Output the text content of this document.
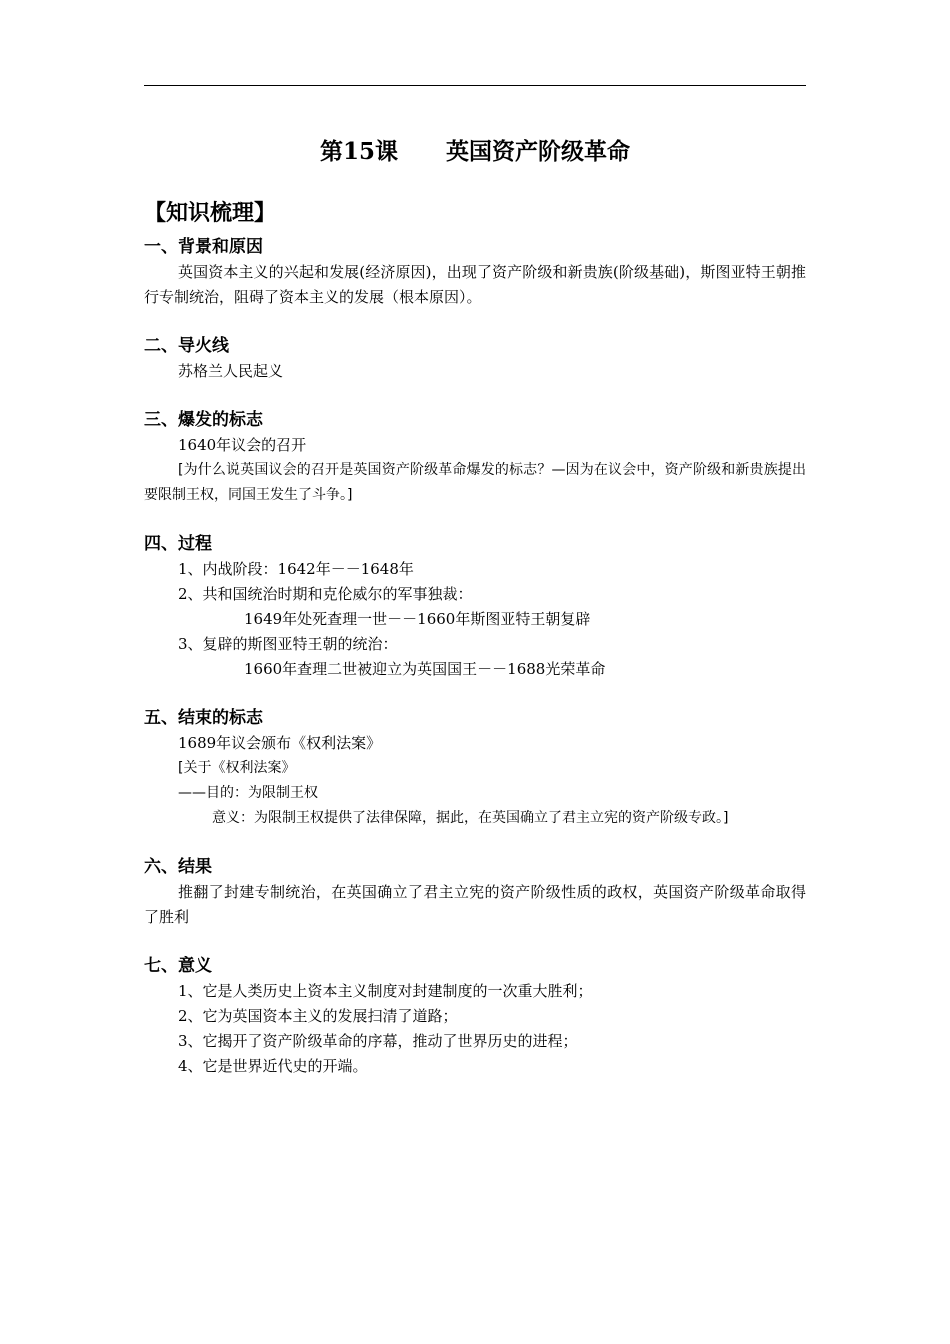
第15课 英国资产阶级革命
【知识梳理】
一、背景和原因
英国资本主义的兴起和发展(经济原因)，出现了资产阶级和新贵族(阶级基础)，斯图亚特王朝推行专制统治，阻碍了资本主义的发展（根本原因）。
二、导火线
苏格兰人民起义
三、爆发的标志
1640年议会的召开
[为什么说英国议会的召开是英国资产阶级革命爆发的标志？—因为在议会中，资产阶级和新贵族提出要限制王权，同国王发生了斗争。]
四、过程
1、内战阶段：1642年－－1648年
2、共和国统治时期和克伦威尔的军事独裁：
1649年处死查理一世－－1660年斯图亚特王朝复辟
3、复辟的斯图亚特王朝的统治：
1660年查理二世被迎立为英国国王－－1688光荣革命
五、结束的标志
1689年议会颁布《权利法案》
[关于《权利法案》
——目的：为限制王权
意义：为限制王权提供了法律保障，据此，在英国确立了君主立宪的资产阶级专政。]
六、结果
推翻了封建专制统治，在英国确立了君主立宪的资产阶级性质的政权，英国资产阶级革命取得了胜利
七、意义
1、它是人类历史上资本主义制度对封建制度的一次重大胜利；
2、它为英国资本主义的发展扫清了道路；
3、它揭开了资产阶级革命的序幕，推动了世界历史的进程；
4、它是世界近代史的开端。
